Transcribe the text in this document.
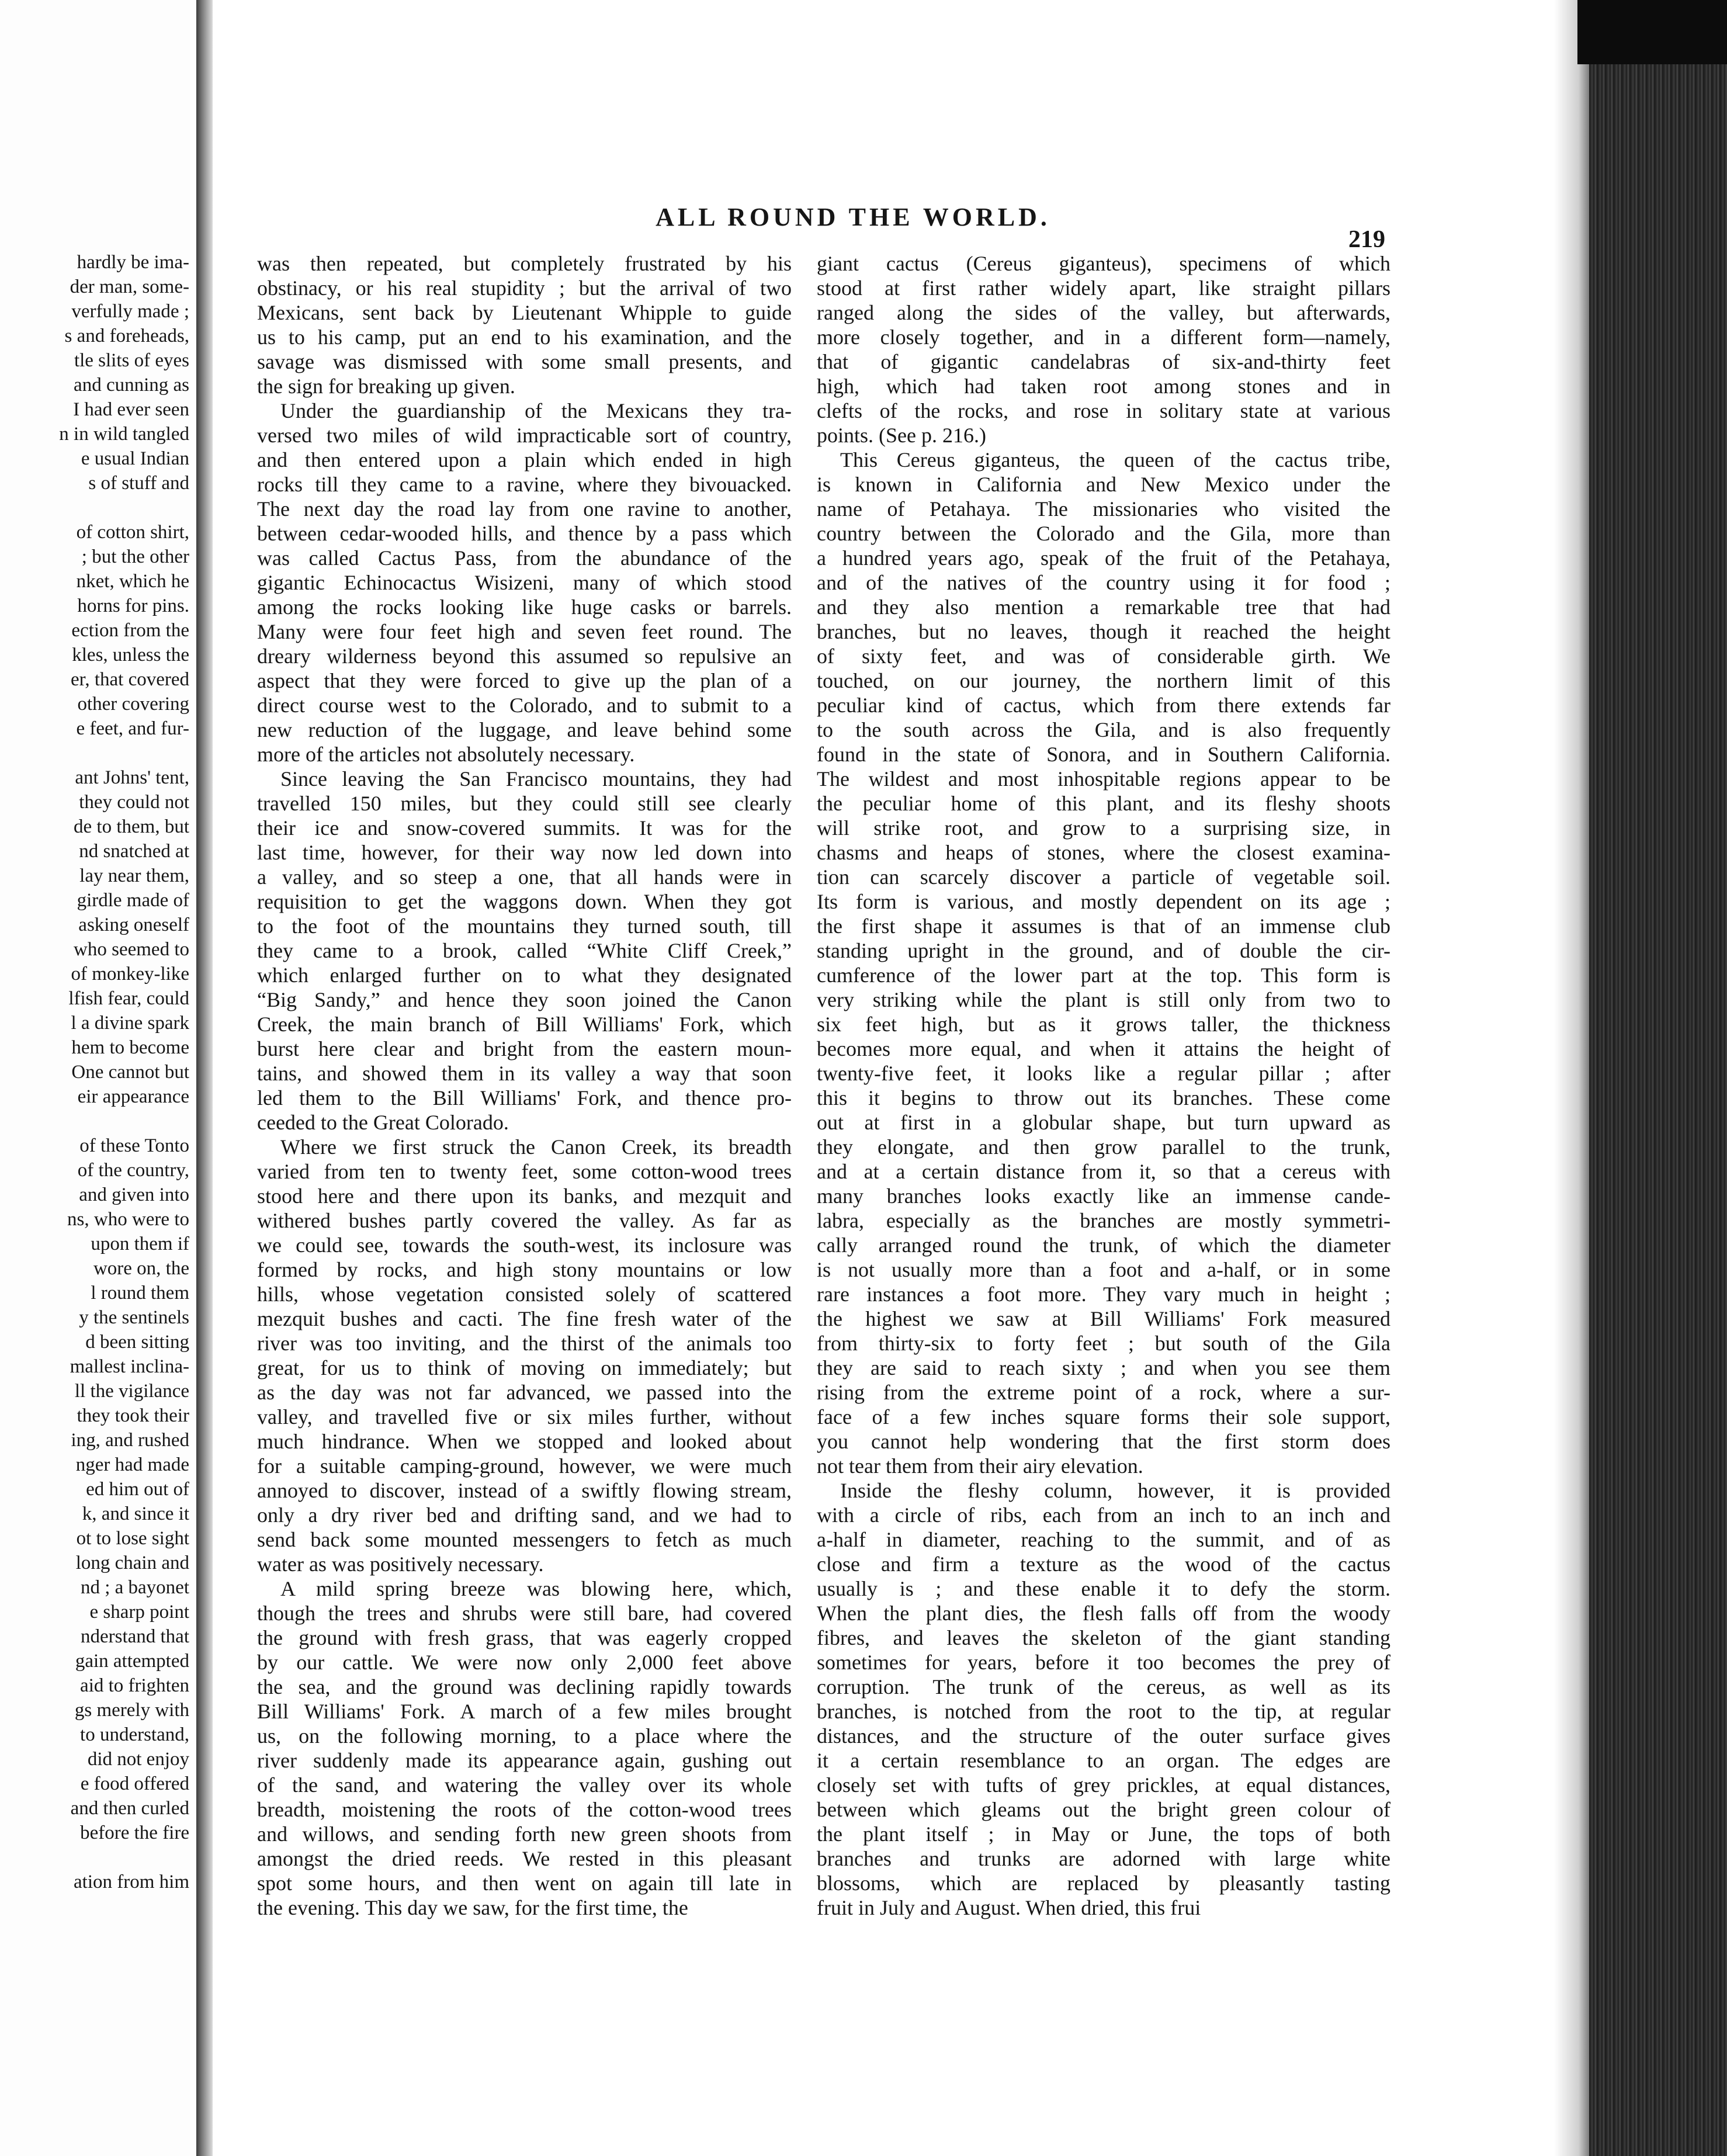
hardly be ima-
der man, some-
verfully made ;
s and foreheads,
tle slits of eyes
and cunning as
I had ever seen
n in wild tangled
e usual Indian
s of stuff and
of cotton shirt,
; but the other
nket, which he
horns for pins.
ection from the
kles, unless the
er, that covered
other covering
e feet, and fur-
ant Johns' tent,
they could not
de to them, but
nd snatched at
lay near them,
girdle made of
asking oneself
who seemed to
of monkey-like
lfish fear, could
l a divine spark
hem to become
One cannot but
eir appearance
of these Tonto
of the country,
and given into
ns, who were to
upon them if
wore on, the
l round them
y the sentinels
d been sitting
mallest inclina-
ll the vigilance
they took their
ing, and rushed
nger had made
ed him out of
k, and since it
ot to lose sight
long chain and
nd ; a bayonet
e sharp point
nderstand that
gain attempted
aid to frighten
gs merely with
to understand,
did not enjoy
e food offered
and then curled
before the fire
ation from him
ALL ROUND THE WORLD.
219

was then repeated, but completely frustrated by his
obstinacy, or his real stupidity ; but the arrival of two
Mexicans, sent back by Lieutenant Whipple to guide
us to his camp, put an end to his examination, and the
savage was dismissed with some small presents, and
the sign for breaking up given.

Under the guardianship of the Mexicans they tra-
versed two miles of wild impracticable sort of country,
and then entered upon a plain which ended in high
rocks till they came to a ravine, where they bivouacked.
The next day the road lay from one ravine to another,
between cedar-wooded hills, and thence by a pass which
was called Cactus Pass, from the abundance of the
gigantic Echinocactus Wisizeni, many of which stood
among the rocks looking like huge casks or barrels.
Many were four feet high and seven feet round. The
dreary wilderness beyond this assumed so repulsive an
aspect that they were forced to give up the plan of a
direct course west to the Colorado, and to submit to a
new reduction of the luggage, and leave behind some
more of the articles not absolutely necessary.

Since leaving the San Francisco mountains, they had
travelled 150 miles, but they could still see clearly
their ice and snow-covered summits. It was for the
last time, however, for their way now led down into
a valley, and so steep a one, that all hands were in
requisition to get the waggons down. When they got
to the foot of the mountains they turned south, till
they came to a brook, called “White Cliff Creek,”
which enlarged further on to what they designated
“Big Sandy,” and hence they soon joined the Canon
Creek, the main branch of Bill Williams' Fork, which
burst here clear and bright from the eastern moun-
tains, and showed them in its valley a way that soon
led them to the Bill Williams' Fork, and thence pro-
ceeded to the Great Colorado.

Where we first struck the Canon Creek, its breadth
varied from ten to twenty feet, some cotton-wood trees
stood here and there upon its banks, and mezquit and
withered bushes partly covered the valley. As far as
we could see, towards the south-west, its inclosure was
formed by rocks, and high stony mountains or low
hills, whose vegetation consisted solely of scattered
mezquit bushes and cacti. The fine fresh water of the
river was too inviting, and the thirst of the animals too
great, for us to think of moving on immediately; but
as the day was not far advanced, we passed into the
valley, and travelled five or six miles further, without
much hindrance. When we stopped and looked about
for a suitable camping-ground, however, we were much
annoyed to discover, instead of a swiftly flowing stream,
only a dry river bed and drifting sand, and we had to
send back some mounted messengers to fetch as much
water as was positively necessary.

A mild spring breeze was blowing here, which,
though the trees and shrubs were still bare, had covered
the ground with fresh grass, that was eagerly cropped
by our cattle. We were now only 2,000 feet above
the sea, and the ground was declining rapidly towards
Bill Williams' Fork. A march of a few miles brought
us, on the following morning, to a place where the
river suddenly made its appearance again, gushing out
of the sand, and watering the valley over its whole
breadth, moistening the roots of the cotton-wood trees
and willows, and sending forth new green shoots from
amongst the dried reeds. We rested in this pleasant
spot some hours, and then went on again till late in
the evening. This day we saw, for the first time, the

giant cactus (Cereus giganteus), specimens of which
stood at first rather widely apart, like straight pillars
ranged along the sides of the valley, but afterwards,
more closely together, and in a different form—namely,
that of gigantic candelabras of six-and-thirty feet
high, which had taken root among stones and in
clefts of the rocks, and rose in solitary state at various
points. (See p. 216.)

This Cereus giganteus, the queen of the cactus tribe,
is known in California and New Mexico under the
name of Petahaya. The missionaries who visited the
country between the Colorado and the Gila, more than
a hundred years ago, speak of the fruit of the Petahaya,
and of the natives of the country using it for food ;
and they also mention a remarkable tree that had
branches, but no leaves, though it reached the height
of sixty feet, and was of considerable girth. We
touched, on our journey, the northern limit of this
peculiar kind of cactus, which from there extends far
to the south across the Gila, and is also frequently
found in the state of Sonora, and in Southern California.
The wildest and most inhospitable regions appear to be
the peculiar home of this plant, and its fleshy shoots
will strike root, and grow to a surprising size, in
chasms and heaps of stones, where the closest examina-
tion can scarcely discover a particle of vegetable soil.
Its form is various, and mostly dependent on its age ;
the first shape it assumes is that of an immense club
standing upright in the ground, and of double the cir-
cumference of the lower part at the top. This form is
very striking while the plant is still only from two to
six feet high, but as it grows taller, the thickness
becomes more equal, and when it attains the height of
twenty-five feet, it looks like a regular pillar ; after
this it begins to throw out its branches. These come
out at first in a globular shape, but turn upward as
they elongate, and then grow parallel to the trunk,
and at a certain distance from it, so that a cereus with
many branches looks exactly like an immense cande-
labra, especially as the branches are mostly symmetri-
cally arranged round the trunk, of which the diameter
is not usually more than a foot and a-half, or in some
rare instances a foot more. They vary much in height ;
the highest we saw at Bill Williams' Fork measured
from thirty-six to forty feet ; but south of the Gila
they are said to reach sixty ; and when you see them
rising from the extreme point of a rock, where a sur-
face of a few inches square forms their sole support,
you cannot help wondering that the first storm does
not tear them from their airy elevation.

Inside the fleshy column, however, it is provided
with a circle of ribs, each from an inch to an inch and
a-half in diameter, reaching to the summit, and of as
close and firm a texture as the wood of the cactus
usually is ; and these enable it to defy the storm.
When the plant dies, the flesh falls off from the woody
fibres, and leaves the skeleton of the giant standing
sometimes for years, before it too becomes the prey of
corruption. The trunk of the cereus, as well as its
branches, is notched from the root to the tip, at regular
distances, and the structure of the outer surface gives
it a certain resemblance to an organ. The edges are
closely set with tufts of grey prickles, at equal distances,
between which gleams out the bright green colour of
the plant itself ; in May or June, the tops of both
branches and trunks are adorned with large white
blossoms, which are replaced by pleasantly tasting
fruit in July and August. When dried, this frui
